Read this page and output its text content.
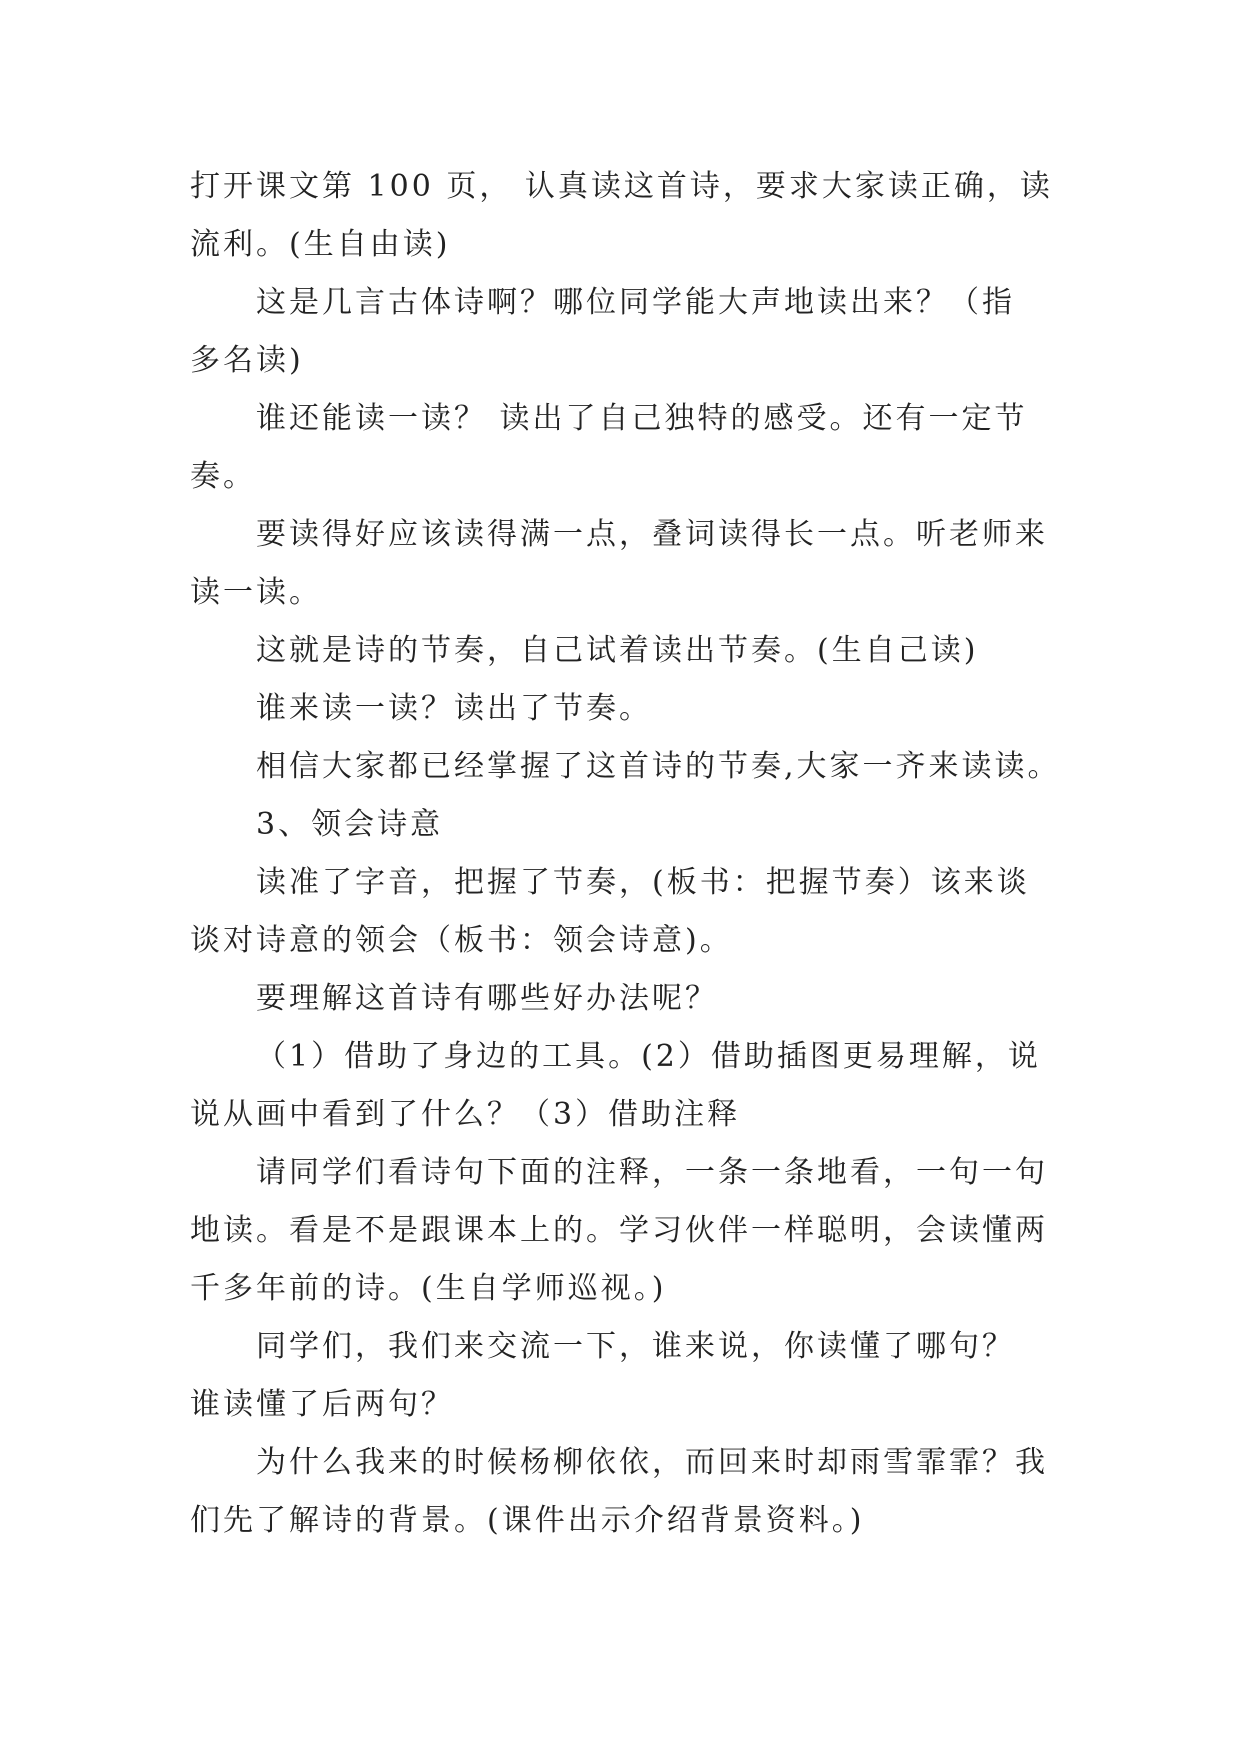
打开课文第 100 页， 认真读这首诗，要求大家读正确，读
流利。(生自由读)

这是几言古体诗啊？哪位同学能大声地读出来？（指
多名读)

谁还能读一读？ 读出了自己独特的感受。还有一定节
奏。

要读得好应该读得满一点，叠词读得长一点。听老师来
读一读。

这就是诗的节奏，自己试着读出节奏。(生自己读)

谁来读一读？读出了节奏。

相信大家都已经掌握了这首诗的节奏,大家一齐来读读。

3、领会诗意

读准了字音，把握了节奏，(板书：把握节奏）该来谈
谈对诗意的领会（板书：领会诗意)。

要理解这首诗有哪些好办法呢？

（1）借助了身边的工具。(2）借助插图更易理解，说
说从画中看到了什么？（3）借助注释

请同学们看诗句下面的注释，一条一条地看，一句一句
地读。看是不是跟课本上的。学习伙伴一样聪明，会读懂两
千多年前的诗。(生自学师巡视。)

同学们，我们来交流一下，谁来说，你读懂了哪句？
谁读懂了后两句？

为什么我来的时候杨柳依依，而回来时却雨雪霏霏？我
们先了解诗的背景。(课件出示介绍背景资料。)
